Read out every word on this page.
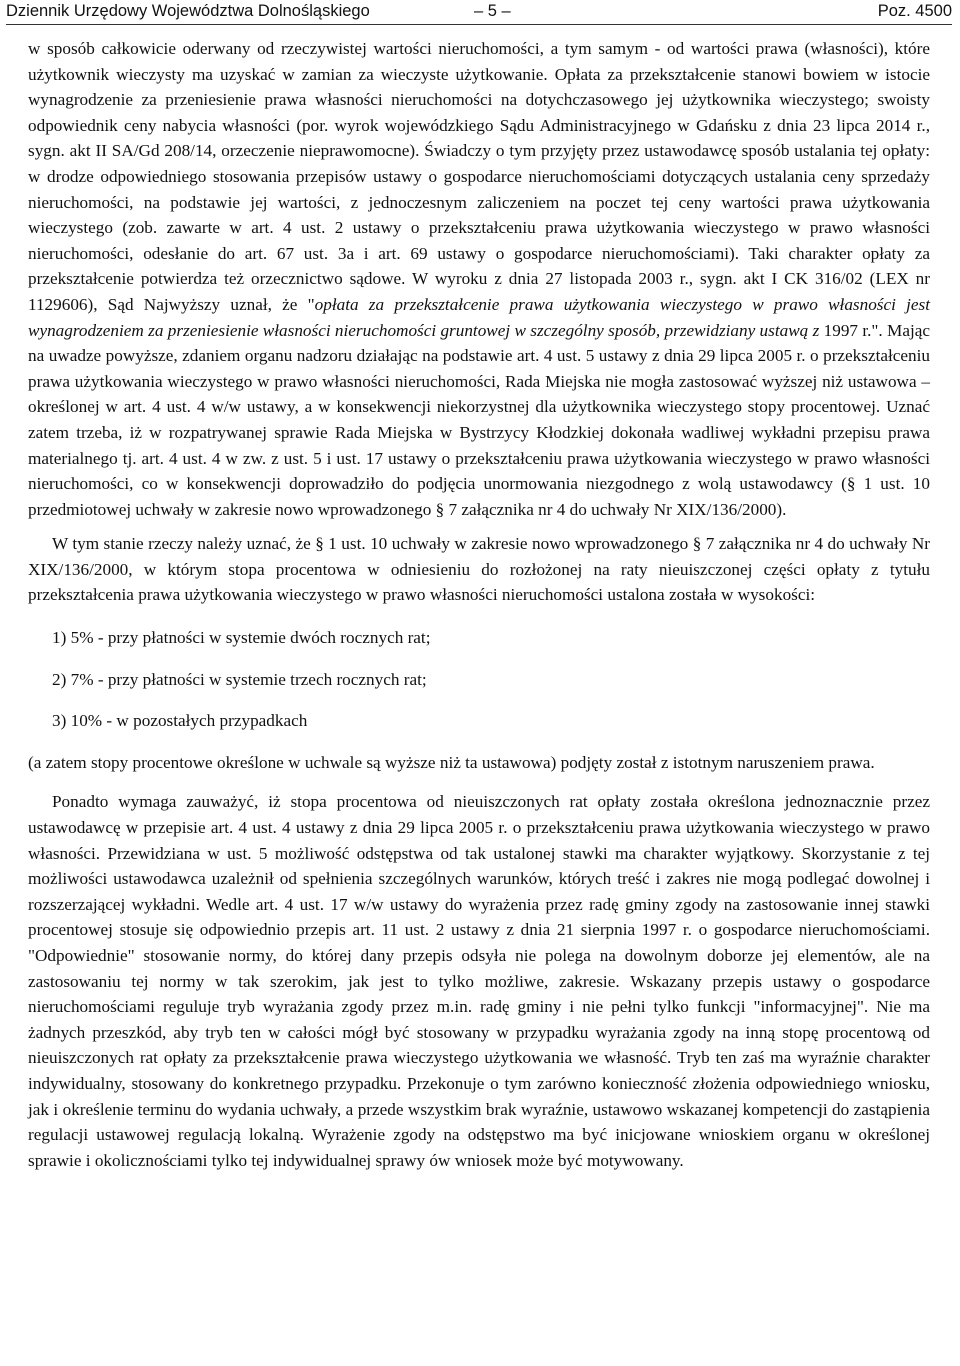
Dziennik Urzędowy Województwa Dolnośląskiego	– 5 –	Poz. 4500

w sposób całkowicie oderwany od rzeczywistej wartości nieruchomości, a tym samym - od wartości prawa (własności), które użytkownik wieczysty ma uzyskać w zamian za wieczyste użytkowanie. Opłata za przekształcenie stanowi bowiem w istocie wynagrodzenie za przeniesienie prawa własności nieruchomości na dotychczasowego jej użytkownika wieczystego; swoisty odpowiednik ceny nabycia własności (por. wyrok wojewódzkiego Sądu Administracyjnego w Gdańsku z dnia 23 lipca 2014 r., sygn. akt II SA/Gd 208/14, orzeczenie nieprawomocne). Świadczy o tym przyjęty przez ustawodawcę sposób ustalania tej opłaty: w drodze odpowiedniego stosowania przepisów ustawy o gospodarce nieruchomościami dotyczących ustalania ceny sprzedaży nieruchomości, na podstawie jej wartości, z jednoczesnym zaliczeniem na poczet tej ceny wartości prawa użytkowania wieczystego (zob. zawarte w art. 4 ust. 2 ustawy o przekształceniu prawa użytkowania wieczystego w prawo własności nieruchomości, odesłanie do art. 67 ust. 3a i art. 69 ustawy o gospodarce nieruchomościami). Taki charakter opłaty za przekształcenie potwierdza też orzecznictwo sądowe. W wyroku z dnia 27 listopada 2003 r., sygn. akt I CK 316/02 (LEX nr 1129606), Sąd Najwyższy uznał, że "opłata za przekształcenie prawa użytkowania wieczystego w prawo własności jest wynagrodzeniem za przeniesienie własności nieruchomości gruntowej w szczególny sposób, przewidziany ustawą z 1997 r.". Mając na uwadze powyższe, zdaniem organu nadzoru działając na podstawie art. 4 ust. 5 ustawy z dnia 29 lipca 2005 r. o przekształceniu prawa użytkowania wieczystego w prawo własności nieruchomości, Rada Miejska nie mogła zastosować wyższej niż ustawowa – określonej w art. 4 ust. 4 w/w ustawy, a w konsekwencji niekorzystnej dla użytkownika wieczystego stopy procentowej. Uznać zatem trzeba, iż w rozpatrywanej sprawie Rada Miejska w Bystrzycy Kłodzkiej dokonała wadliwej wykładni przepisu prawa materialnego tj. art. 4 ust. 4 w zw. z ust. 5 i ust. 17 ustawy o przekształceniu prawa użytkowania wieczystego w prawo własności nieruchomości, co w konsekwencji doprowadziło do podjęcia unormowania niezgodnego z wolą ustawodawcy (§ 1 ust. 10 przedmiotowej uchwały w zakresie nowo wprowadzonego § 7 załącznika nr 4 do uchwały Nr XIX/136/2000).

W tym stanie rzeczy należy uznać, że § 1 ust. 10 uchwały w zakresie nowo wprowadzonego § 7 załącznika nr 4 do uchwały Nr XIX/136/2000, w którym stopa procentowa w odniesieniu do rozłożonej na raty nieuiszczonej części opłaty z tytułu przekształcenia prawa użytkowania wieczystego w prawo własności nieruchomości ustalona została w wysokości:

1) 5% - przy płatności w systemie dwóch rocznych rat;
2) 7% - przy płatności w systemie trzech rocznych rat;
3) 10% - w pozostałych przypadkach

(a zatem stopy procentowe określone w uchwale są wyższe niż ta ustawowa) podjęty został z istotnym naruszeniem prawa.

Ponadto wymaga zauważyć, iż stopa procentowa od nieuiszczonych rat opłaty została określona jednoznacznie przez ustawodawcę w przepisie art. 4 ust. 4 ustawy z dnia 29 lipca 2005 r. o przekształceniu prawa użytkowania wieczystego w prawo własności. Przewidziana w ust. 5 możliwość odstępstwa od tak ustalonej stawki ma charakter wyjątkowy. Skorzystanie z tej możliwości ustawodawca uzależnił od spełnienia szczególnych warunków, których treść i zakres nie mogą podlegać dowolnej i rozszerzającej wykładni. Wedle art. 4 ust. 17 w/w ustawy do wyrażenia przez radę gminy zgody na zastosowanie innej stawki procentowej stosuje się odpowiednio przepis art. 11 ust. 2 ustawy z dnia 21 sierpnia 1997 r. o gospodarce nieruchomościami. "Odpowiednie" stosowanie normy, do której dany przepis odsyła nie polega na dowolnym doborze jej elementów, ale na zastosowaniu tej normy w tak szerokim, jak jest to tylko możliwe, zakresie. Wskazany przepis ustawy o gospodarce nieruchomościami reguluje tryb wyrażania zgody przez m.in. radę gminy i nie pełni tylko funkcji "informacyjnej". Nie ma żadnych przeszkód, aby tryb ten w całości mógł być stosowany w przypadku wyrażania zgody na inną stopę procentową od nieuiszczonych rat opłaty za przekształcenie prawa wieczystego użytkowania we własność. Tryb ten zaś ma wyraźnie charakter indywidualny, stosowany do konkretnego przypadku. Przekonuje o tym zarówno konieczność złożenia odpowiedniego wniosku, jak i określenie terminu do wydania uchwały, a przede wszystkim brak wyraźnie, ustawowo wskazanej kompetencji do zastąpienia regulacji ustawowej regulacją lokalną. Wyrażenie zgody na odstępstwo ma być inicjowane wnioskiem organu w określonej sprawie i okolicznościami tylko tej indywidualnej sprawy ów wniosek może być motywowany.
